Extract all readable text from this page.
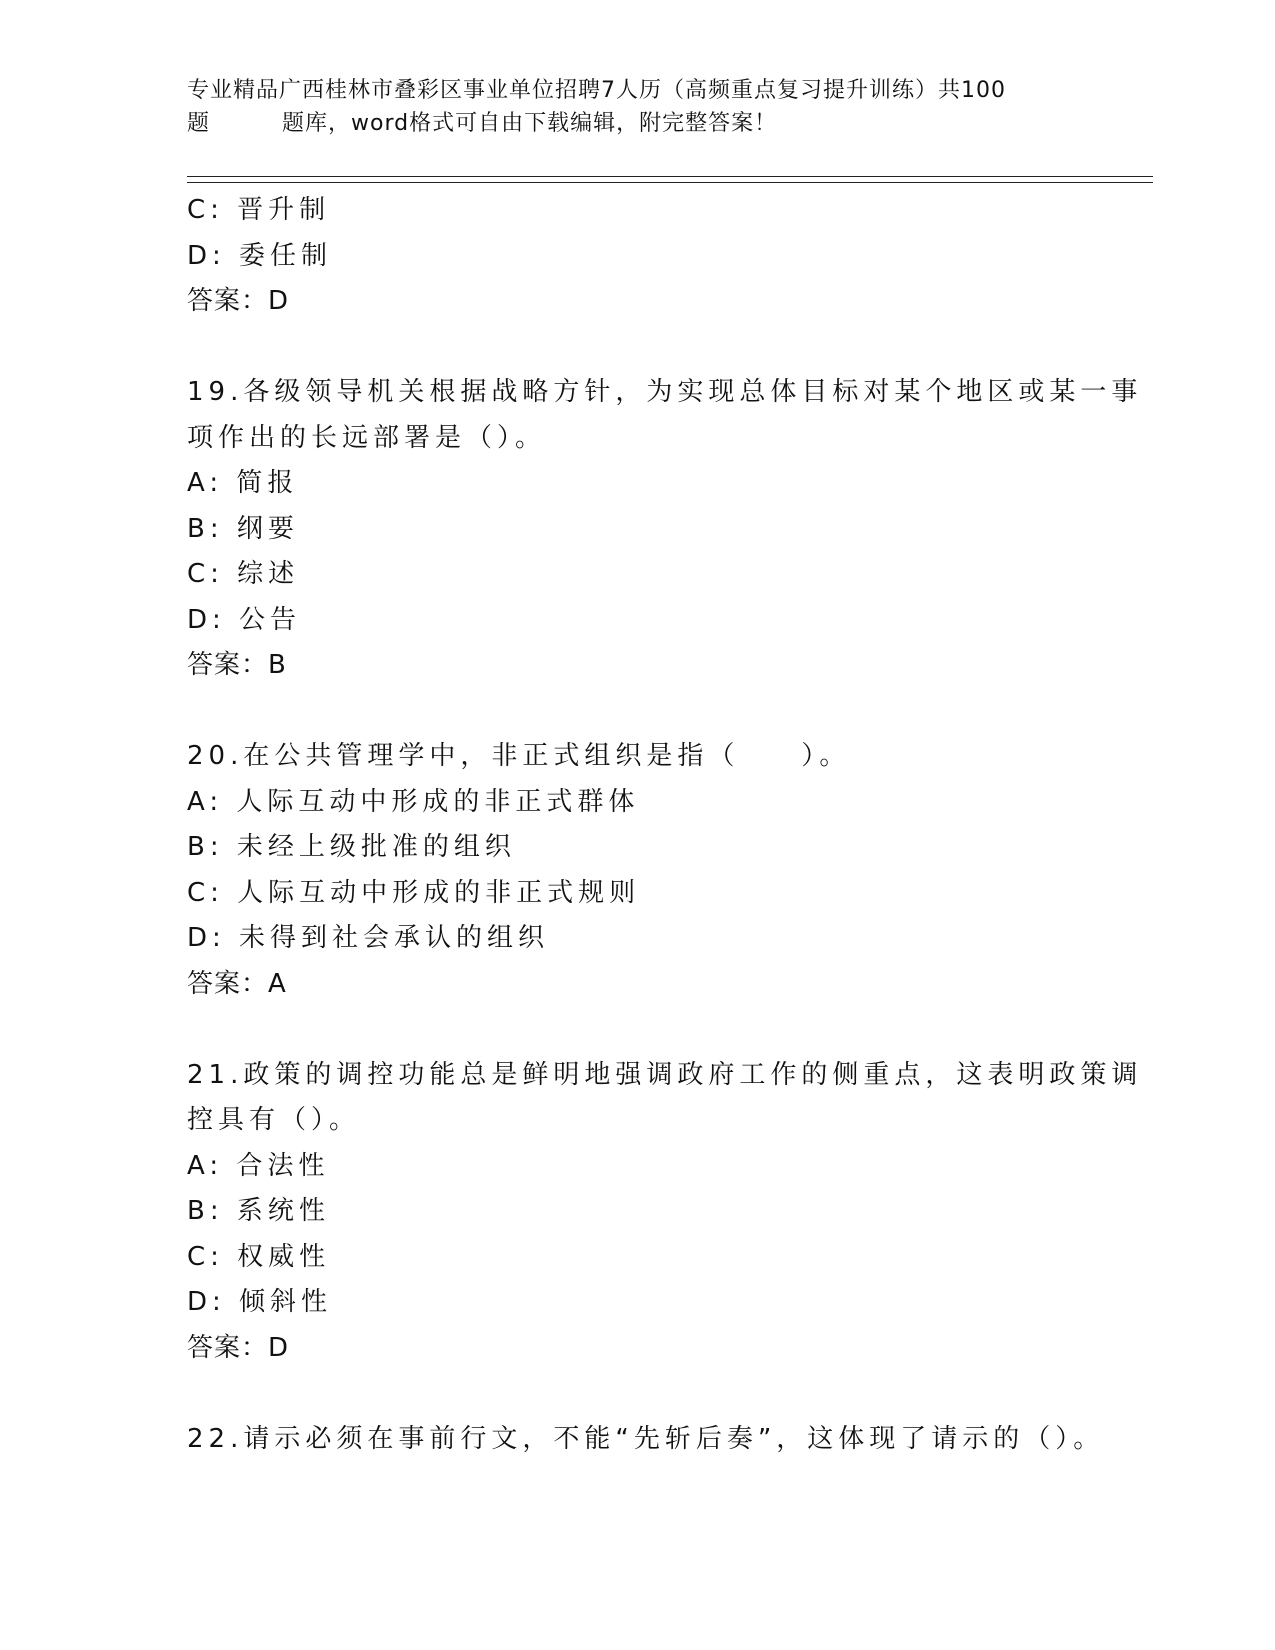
专业精品广西桂林市叠彩区事业单位招聘7人历（高频重点复习提升训练）共100
题	题库，word格式可自由下载编辑，附完整答案！
C: 晋升制
D: 委任制
答案：D
19.各级领导机关根据战略方针，为实现总体目标对某个地区或某一事
项作出的长远部署是（）。
A: 简报
B: 纲要
C: 综述
D: 公告
答案：B
20.在公共管理学中，非正式组织是指（　　）。
A: 人际互动中形成的非正式群体
B: 未经上级批准的组织
C: 人际互动中形成的非正式规则
D: 未得到社会承认的组织
答案：A
21.政策的调控功能总是鲜明地强调政府工作的侧重点，这表明政策调
控具有（）。
A: 合法性
B: 系统性
C: 权威性
D: 倾斜性
答案：D
22.请示必须在事前行文，不能“先斩后奏”，这体现了请示的（）。
